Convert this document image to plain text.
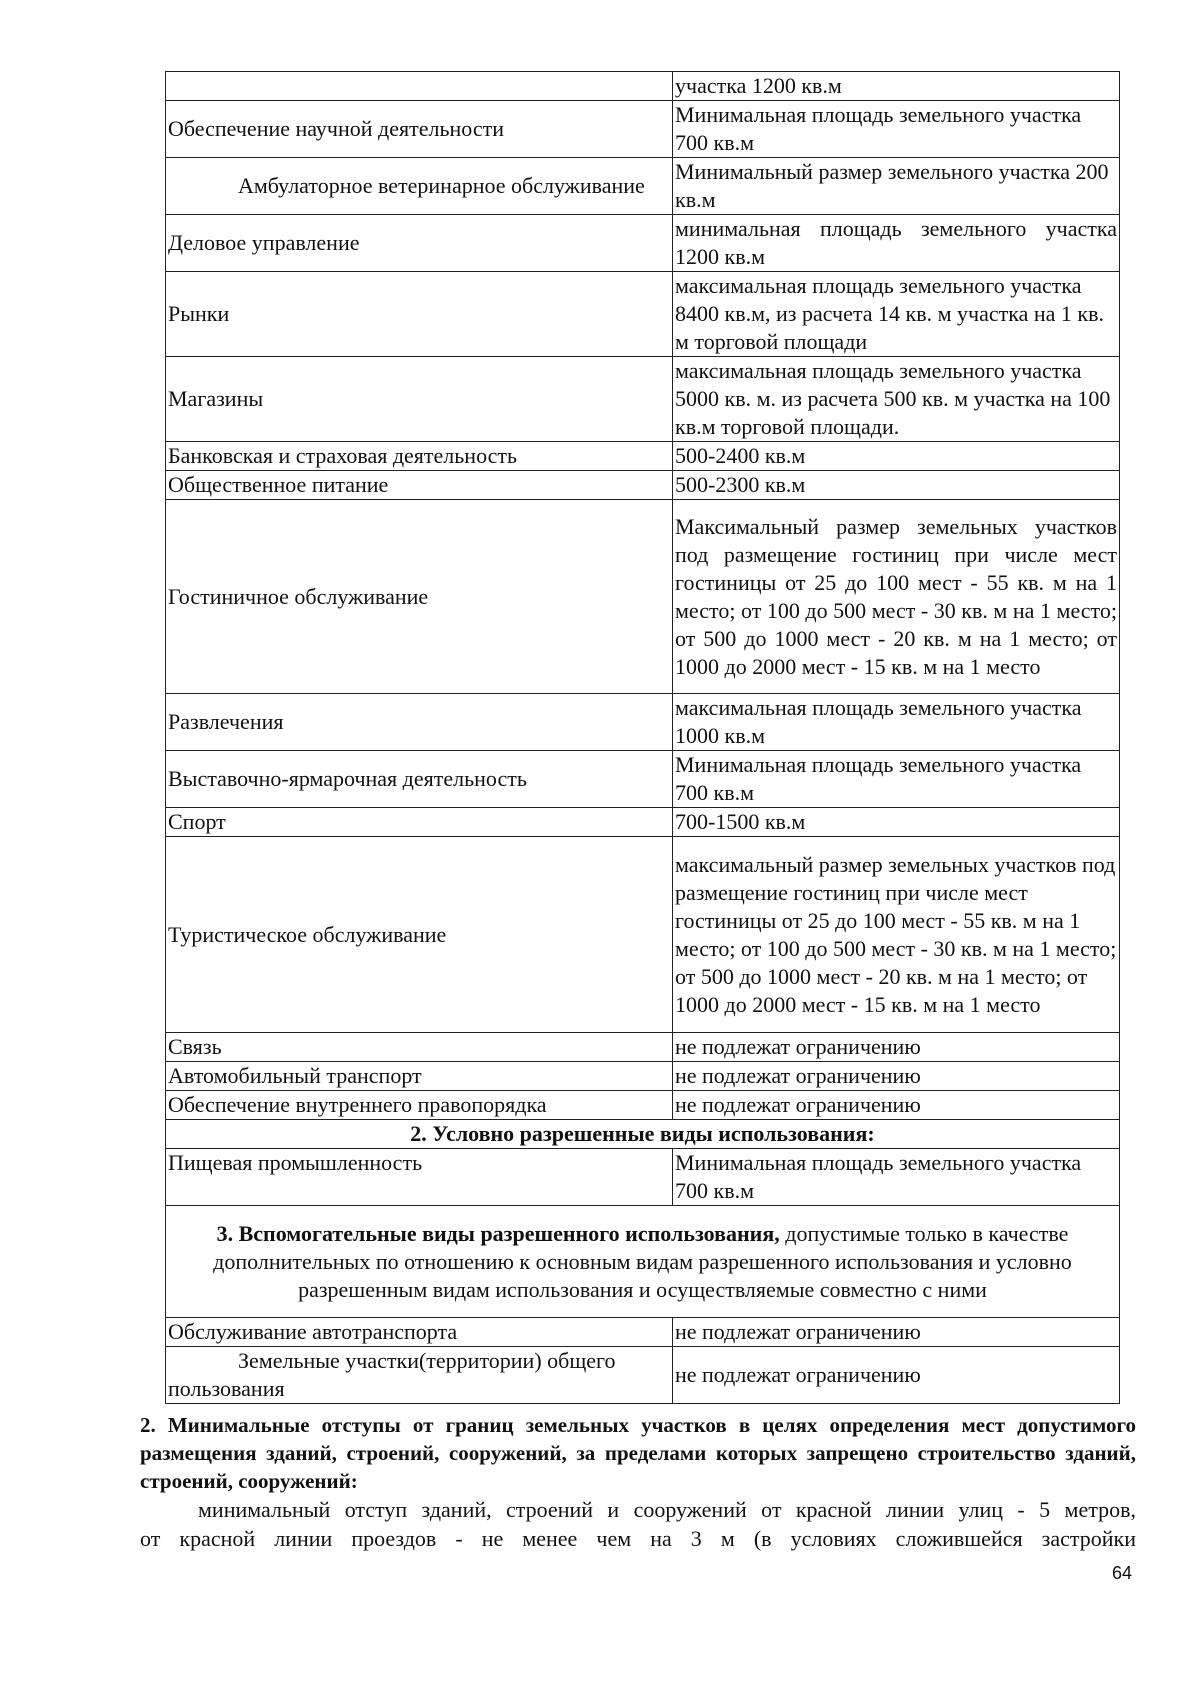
	участка 1200 кв.м
Обеспечение научной деятельности	Минимальная площадь земельного участка 700 кв.м
Амбулаторное ветеринарное обслуживание	Минимальный размер земельного участка 200 кв.м
Деловое управление	минимальная площадь земельного участка 1200 кв.м
Рынки	максимальная площадь земельного участка 8400 кв.м, из расчета 14 кв. м участка на 1 кв. м торговой площади
Магазины	максимальная площадь земельного участка 5000 кв. м. из расчета 500 кв. м участка на 100 кв.м торговой площади.
Банковская и страховая деятельность	500-2400 кв.м
Общественное питание	500-2300 кв.м
Гостиничное обслуживание	Максимальный размер земельных участков под размещение гостиниц при числе мест гостиницы от 25 до 100 мест - 55 кв. м на 1 место; от 100 до 500 мест - 30 кв. м на 1 место; от 500 до 1000 мест - 20 кв. м на 1 место; от 1000 до 2000 мест - 15 кв. м на 1 место
Развлечения	максимальная площадь земельного участка 1000 кв.м
Выставочно-ярмарочная деятельность	Минимальная площадь земельного участка 700 кв.м
Спорт	700-1500 кв.м
Туристическое обслуживание	максимальный размер земельных участков под размещение гостиниц при числе мест гостиницы от 25 до 100 мест - 55 кв. м на 1 место; от 100 до 500 мест - 30 кв. м на 1 место; от 500 до 1000 мест - 20 кв. м на 1 место; от 1000 до 2000 мест - 15 кв. м на 1 место
Связь	не подлежат ограничению
Автомобильный транспорт	не подлежат ограничению
Обеспечение внутреннего правопорядка	не подлежат ограничению
2. Условно разрешенные виды использования:	
Пищевая промышленность	Минимальная площадь земельного участка 700 кв.м
3. Вспомогательные виды разрешенного использования, допустимые только в качестве дополнительных по отношению к основным видам разрешенного использования и условно разрешенным видам использования и осуществляемые совместно с ними	
Обслуживание автотранспорта	не подлежат ограничению
Земельные участки(территории) общего пользования	не подлежат ограничению
2. Минимальные отступы от границ земельных участков в целях определения мест допустимого размещения зданий, строений, сооружений, за пределами которых запрещено строительство зданий, строений, сооружений:
минимальный отступ зданий, строений и сооружений от красной линии улиц - 5 метров,
от красной линии проездов - не менее чем на 3 м (в условиях сложившейся застройки
64
